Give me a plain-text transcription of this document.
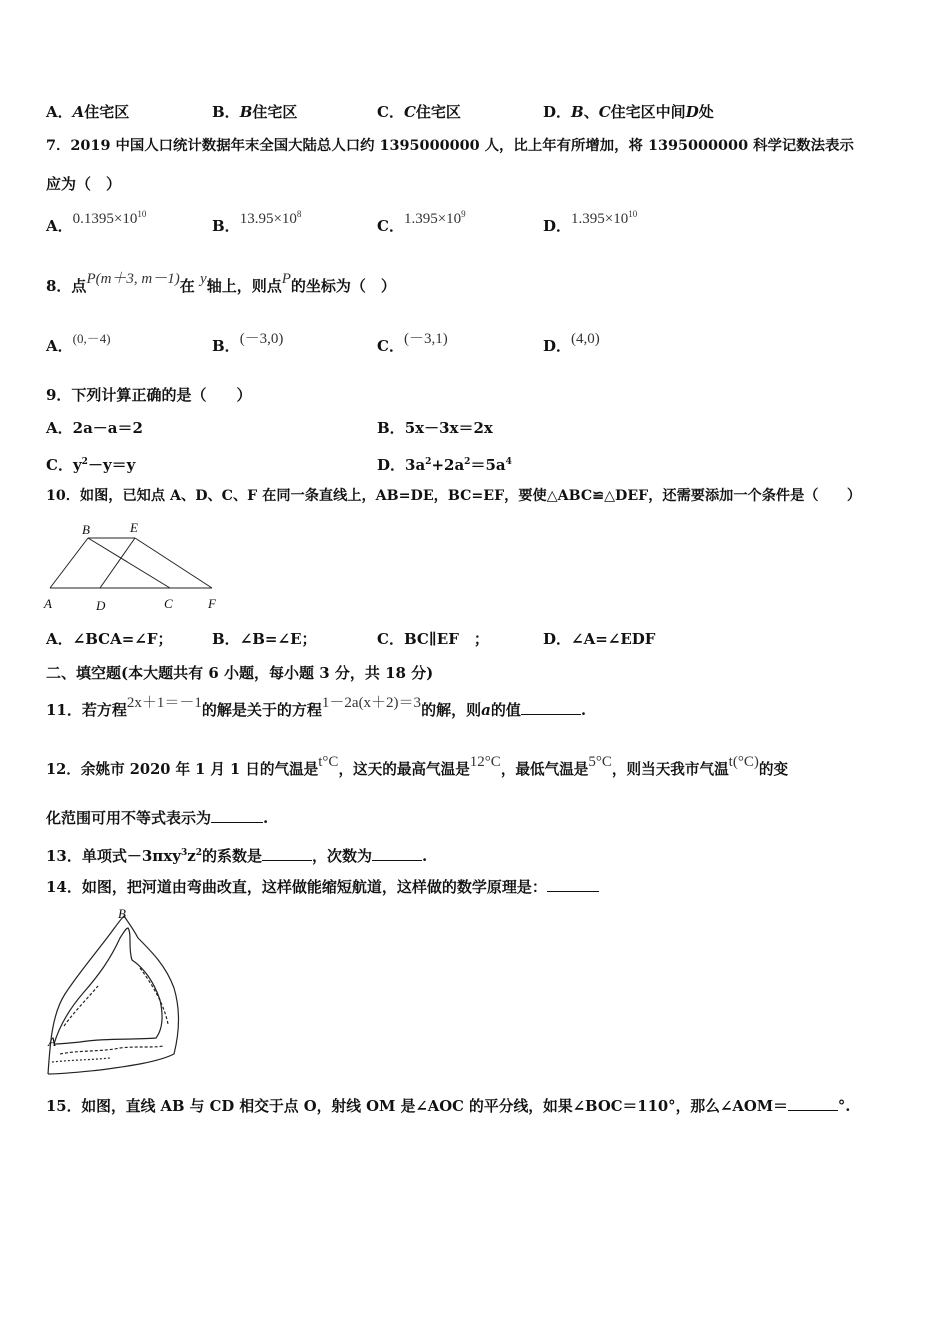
A．A住宅区	B．B住宅区	C．C住宅区	D．B、C住宅区中间D处
7．2019 中国人口统计数据年末全国大陆总人口约 1395000000 人，比上年有所增加，将 1395000000 科学记数法表示
应为（　）
A．$0.1395\times 10^{10}$
B．$13.95\times 10^8$
C．$1.395\times 10^9$
D．$1.395\times 10^{10}$
8．点P(m＋3, m－1)在 y轴上，则点P的坐标为（　）
A．(0,－4)	B．(－3,0)	C．(－3,1)	D．(4,0)
9．下列计算正确的是（　　）
A．2a－a＝2	B．5x－3x＝2x
C．$y^2-y=y$	D．$3a^2+2a^2=5a^4$
10．如图，已知点 A、D、C、F 在同一条直线上，AB=DE，BC=EF，要使△ABC≌△DEF，还需要添加一个条件是（　　）
B	E
A	D	C	F
A．∠BCA=∠F；	B．∠B=∠E；	C．BC∥EF　；	D．∠A=∠EDF
二、填空题(本大题共有 6 小题，每小题 3 分，共 18 分)
11．若方程2x＋1＝－1的解是关于的方程1－2a(x＋2)＝3的解，则a的值	.
12．余姚市 2020 年 1 月 1 日的气温是t°C，这天的最高气温是12°C，最低气温是5°C，则当天我市气温t(°C)的变
化范围可用不等式表示为	.
13．单项式$-3\pi xy^3z^2$的系数是	，次数为	.
14．如图，把河道由弯曲改直，这样做能缩短航道，这样做的数学原理是：
B
A
15．如图，直线 AB 与 CD 相交于点 O，射线 OM 是∠AOC 的平分线，如果∠BOC＝110°，那么∠AOM＝	°.
